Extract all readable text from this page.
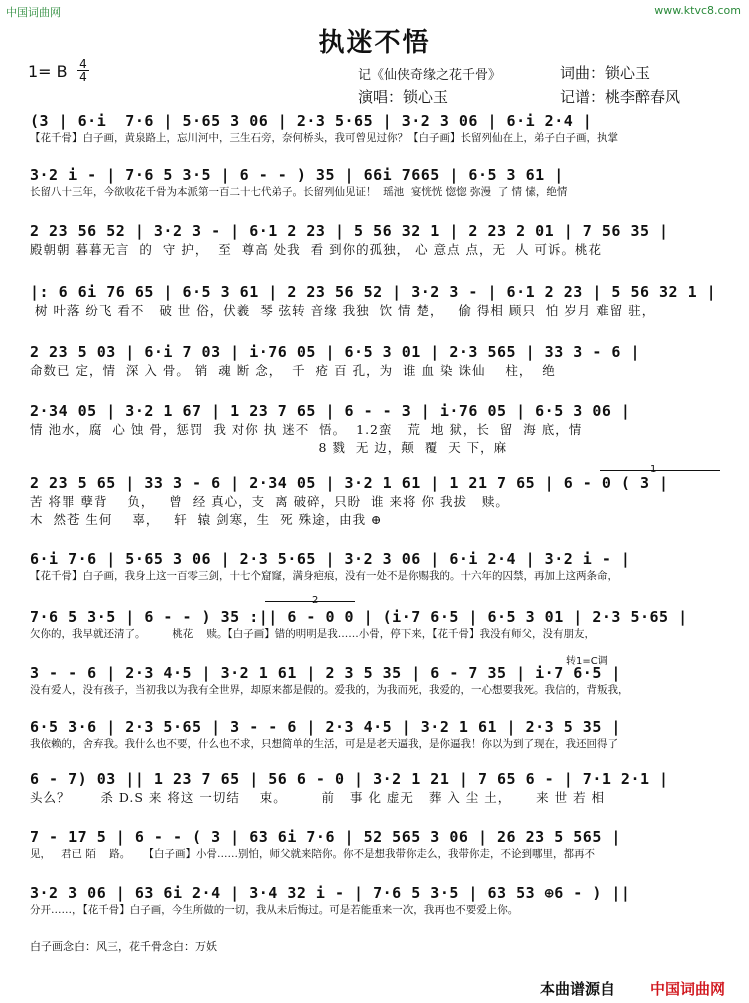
中国词曲网	www.ktvc8.com
执迷不悟
1= B 4
4	记《仙侠奇缘之花千骨》	词曲：锁心玉
演唱：锁心玉	记谱：桃李醉春风
(3 | 6·i  7·6 | 5·65 3 06 | 2·3 5·65 | 3·2 3 06 | 6·i 2·4 |
【花千骨】白子画，黄泉路上，忘川河中，三生石旁，奈何桥头，我可曾见过你？【白子画】长留列仙在上，弟子白子画，执掌
3·2 i - | 7·6 5 3·5 | 6 - - ) 35 | 66i 7665 | 6·5 3 61 |
长留八十三年，今欲收花千骨为本派第一百二十七代弟子。长留列仙见证！  瑶池  宴恍恍 惚惚 弥漫  了 情 愫，绝情
2 23 56 52 | 3·2 3 - | 6·1 2 23 | 5 56 32 1 | 2 23 2 01 | 7 56 35 |
殿朝朝 暮暮无言  的  守 护，  至  尊高 处我  看 到你的孤独， 心 意点 点，无  人 可诉。桃花
|: 6 6i 76 65 | 6·5 3 61 | 2 23 56 52 | 3·2 3 - | 6·1 2 23 | 5 56 32 1 |
树 叶落 纷飞 看不   破 世 俗，伏羲  琴 弦转 音缘 我独  饮 情 楚，   偷 得相 顾只  怕 岁月 难留 驻，
2 23 5 03 | 6·i 7 03 | i·76 05 | 6·5 3 01 | 2·3 565 | 33 3 - 6 |
命数已 定，情  深 入 骨。 销  魂 断 念，  千  疮 百 孔，为  谁 血 染 诛仙    柱，  绝
2·34 05 | 3·2 1 67 | 1 23 7 65 | 6 - - 3 | i·76 05 | 6·5 3 06 |
情 池水，腐  心 蚀 骨，惩罚  我 对你 执 迷不  悟。  1.2蛮   荒  地 狱，长  留  海 底，情
8 戮  无 边，颠  覆  天 下，麻
2 23 5 65 | 33 3 - 6 | 2·34 05 | 3·2 1 61 | 1 21 7 65 | 6 - 0 ( 3 |
苦 将罪 孽背    负，   曾  经 真心，支  离 破碎，只盼  谁 来将 你 我拔   赎。
木  然苍 生何    辜，   轩  辕 剑寒，生  死 殊途，由我 ⊕
6·i 7·6 | 5·65 3 06 | 2·3 5·65 | 3·2 3 06 | 6·i 2·4 | 3·2 i - |
【花千骨】白子画，我身上这一百零三剑，十七个窟窿，满身疤痕，没有一处不是你赐我的。十六年的囚禁，再加上这两条命，
7·6 5 3·5 | 6 - - ) 35 :|| 6 - 0 0 | (i·7 6·5 | 6·5 3 01 | 2·3 5·65 |
欠你的，我早就还清了。        桃花    赎。【白子画】错的明明是我……小骨，停下来，【花千骨】我没有师父，没有朋友，
3 - - 6 | 2·3 4·5 | 3·2 1 61 | 2 3 5 35 | 6 - 7 35 | i·7 6·5 |
没有爱人，没有孩子，当初我以为我有全世界，却原来都是假的。爱我的，为我而死，我爱的，一心想要我死。我信的，背叛我，
转1=C调
6·5 3·6 | 2·3 5·65 | 3 - - 6 | 2·3 4·5 | 3·2 1 61 | 2·3 5 35 |
我依赖的，舍弃我。我什么也不要，什么也不求，只想简单的生活，可是是老天逼我，是你逼我！你以为到了现在，我还回得了
6 - 7) 03 || 1 23 7 65 | 56 6 - 0 | 3·2 1 21 | 7 65 6 - | 7·1 2·1 |
头么？      杀 D.S 来 将这 一切结    束。       前   事 化 虚无   葬 入 尘 土，     来 世 若 相
7 - 17 5 | 6 - - ( 3 | 63 6i 7·6 | 52 565 3 06 | 26 23 5 565 |
见，   君已 陌    路。    【白子画】小骨……别怕，师父就来陪你。你不是想我带你走么，我带你走，不论到哪里，都再不
3·2 3 06 | 63 6i 2·4 | 3·4 32 i - | 7·6 5 3·5 | 63 53 ⊕6 - ) ||
分开……，【花千骨】白子画，今生所做的一切，我从未后悔过。可是若能重来一次，我再也不要爱上你。
白子画念白：风三，花千骨念白：万妖
本曲谱源自 中国词曲网
